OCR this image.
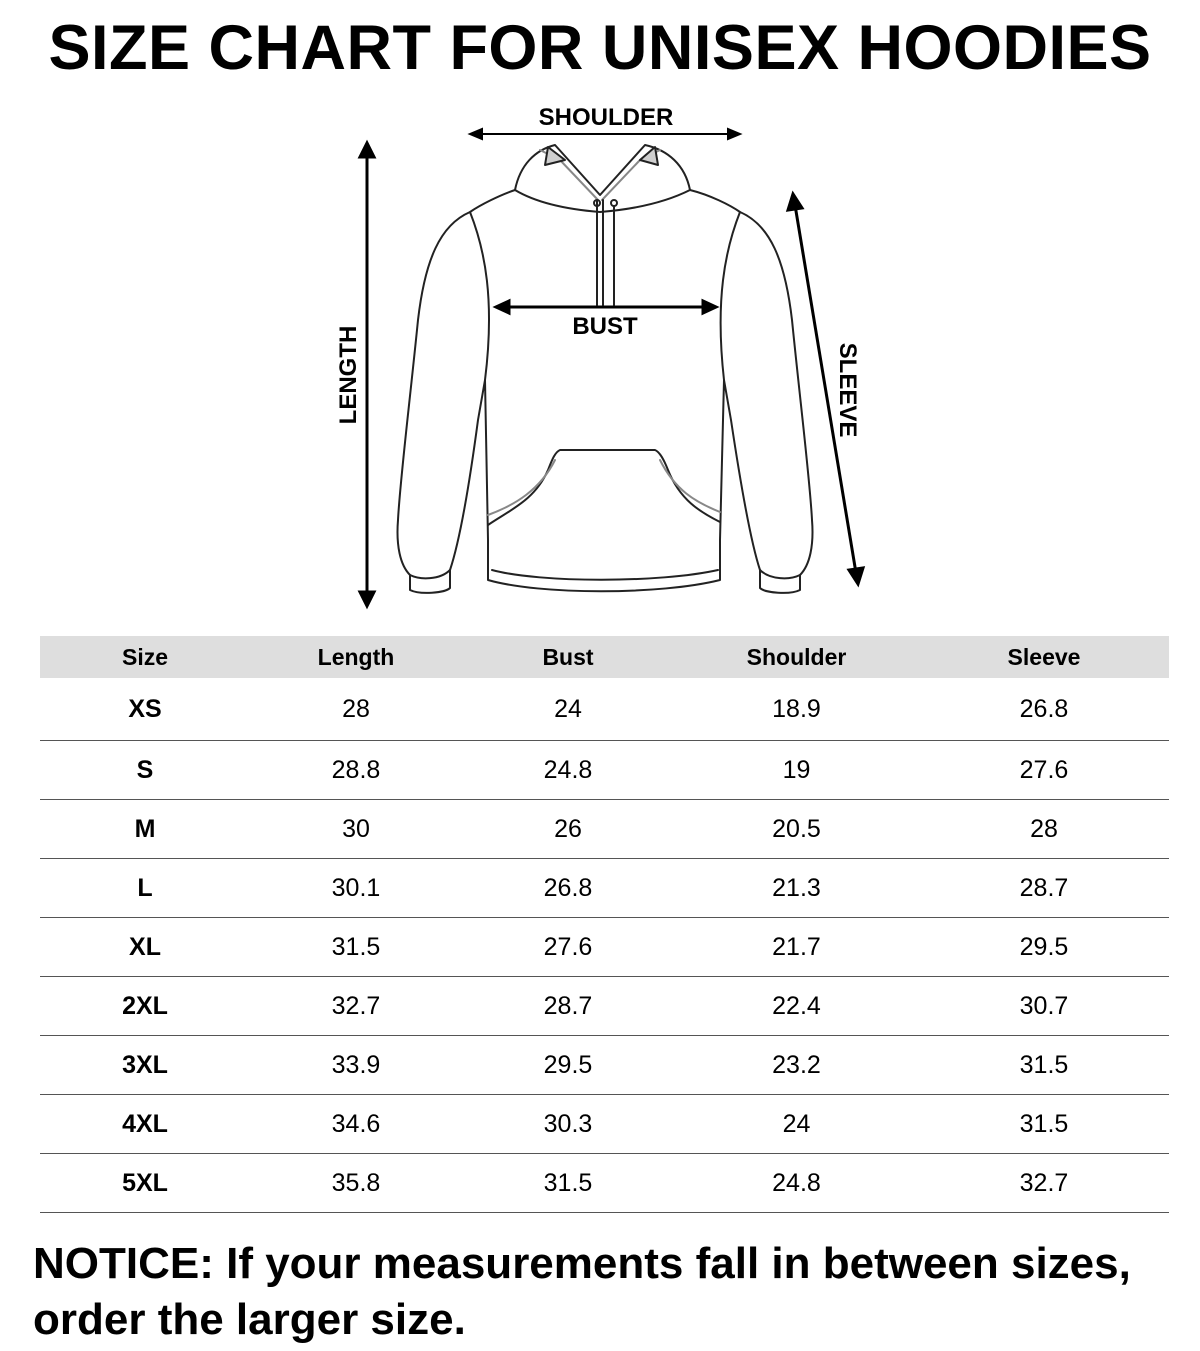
SIZE CHART FOR UNISEX HOODIES
SHOULDER
BUST
LENGTH	SLEEVE
Size	Length	Bust	Shoulder	Sleeve
XS	28	24	18.9	26.8
S	28.8	24.8	19	27.6
M	30	26	20.5	28
L	30.1	26.8	21.3	28.7
XL	31.5	27.6	21.7	29.5
2XL	32.7	28.7	22.4	30.7
3XL	33.9	29.5	23.2	31.5
4XL	34.6	30.3	24	31.5
5XL	35.8	31.5	24.8	32.7

NOTICE: If your measurements fall in between sizes, order the larger size.
